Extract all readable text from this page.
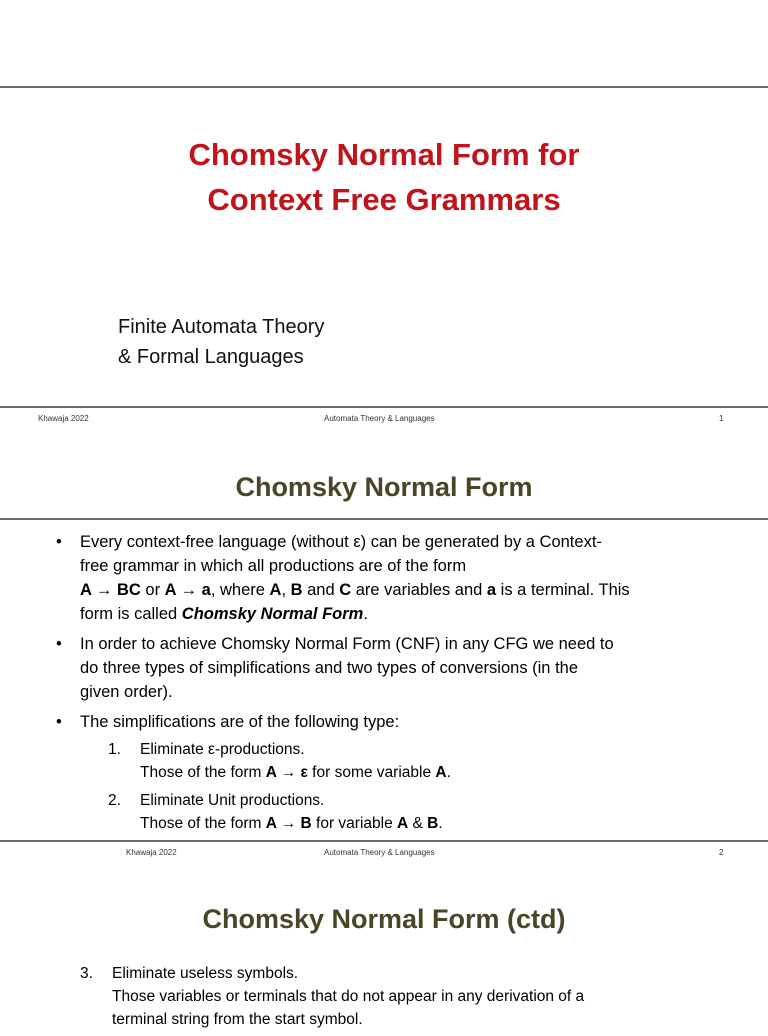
Chomsky Normal Form for
Context Free Grammars
Finite Automata Theory
& Formal Languages
Khawaja 2022	Automata Theory & Languages	1
Chomsky Normal Form
• Every context-free language (without ε) can be generated by a Context-
free grammar in which all productions are of the form
A → BC or A → a, where A, B and C are variables and a is a terminal. This
form is called Chomsky Normal Form.
• In order to achieve Chomsky Normal Form (CNF) in any CFG we need to
do three types of simplifications and two types of conversions (in the
given order).
• The simplifications are of the following type:
1. Eliminate ε-productions.
Those of the form A → ε for some variable A.
2. Eliminate Unit productions.
Those of the form A → B for variable A & B.
Khawaja 2022	Automata Theory & Languages	2
Chomsky Normal Form (ctd)
3. Eliminate useless symbols.
Those variables or terminals that do not appear in any derivation of a
terminal string from the start symbol.
